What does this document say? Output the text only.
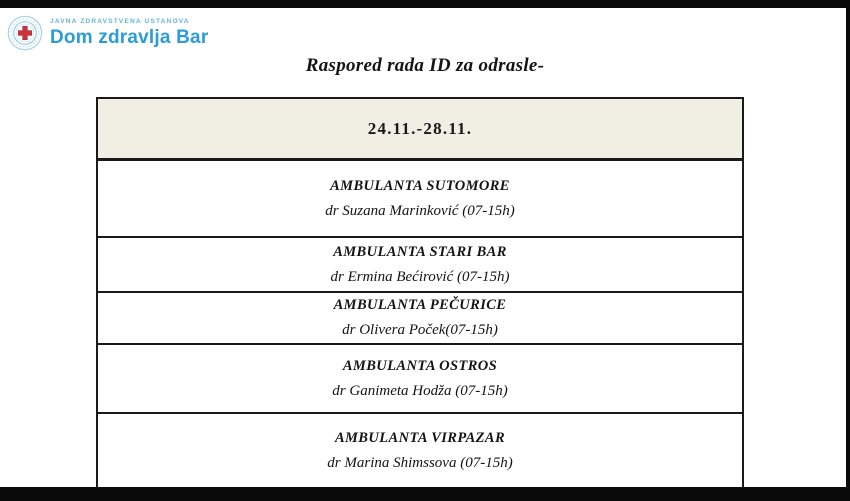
JAVNA ZDRAVSTVENA USTANOVA
Dom zdravlja Bar
Raspored rada ID za odrasle-
24.11.-28.11.
AMBULANTA SUTOMORE
dr Suzana Marinković (07-15h)
AMBULANTA STARI BAR
dr Ermina Bećirović (07-15h)
AMBULANTA PEČURICE
dr Olivera Poček(07-15h)
AMBULANTA OSTROS
dr Ganimeta Hodža (07-15h)
AMBULANTA VIRPAZAR
dr Marina Shimssova (07-15h)
